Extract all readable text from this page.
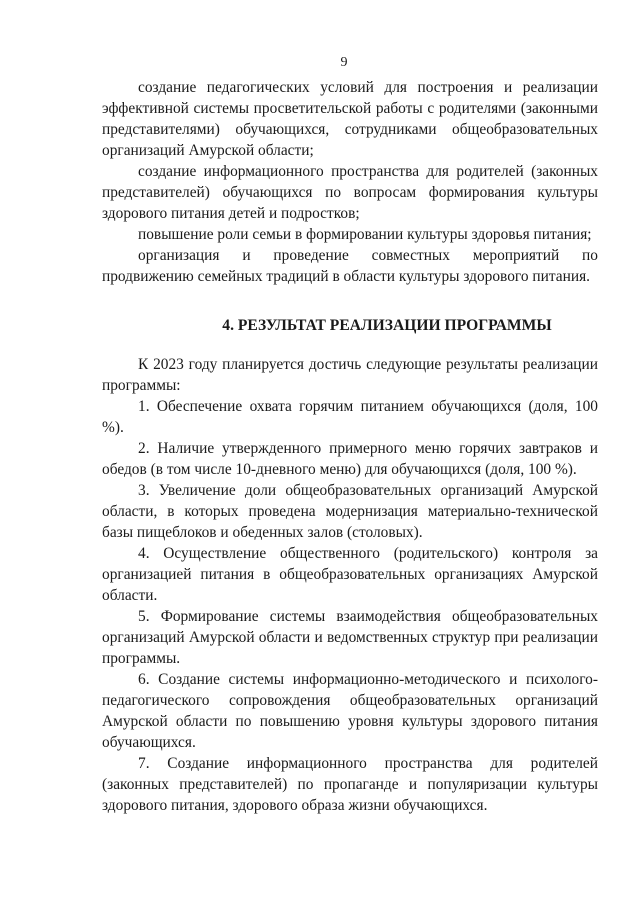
9

создание педагогических условий для построения и реализации эффективной системы просветительской работы с родителями (законными представителями) обучающихся, сотрудниками общеобразовательных организаций Амурской области;

создание информационного пространства для родителей (законных представителей) обучающихся по вопросам формирования культуры здорового питания детей и подростков;

повышение роли семьи в формировании культуры здоровья питания;

организация и проведение совместных мероприятий по продвижению семейных традиций в области культуры здорового питания.

4. РЕЗУЛЬТАТ РЕАЛИЗАЦИИ ПРОГРАММЫ

К 2023 году планируется достичь следующие результаты реализации программы:

1. Обеспечение охвата горячим питанием обучающихся (доля, 100 %).

2. Наличие утвержденного примерного меню горячих завтраков и обедов (в том числе 10-дневного меню) для обучающихся (доля, 100 %).

3. Увеличение доли общеобразовательных организаций Амурской области, в которых проведена модернизация материально-технической базы пищеблоков и обеденных залов (столовых).

4. Осуществление общественного (родительского) контроля за организацией питания в общеобразовательных организациях Амурской области.

5. Формирование системы взаимодействия общеобразовательных организаций Амурской области и ведомственных структур при реализации программы.

6. Создание системы информационно-методического и психолого-педагогического сопровождения общеобразовательных организаций Амурской области по повышению уровня культуры здорового питания обучающихся.

7. Создание информационного пространства для родителей (законных представителей) по пропаганде и популяризации культуры здорового питания, здорового образа жизни обучающихся.
